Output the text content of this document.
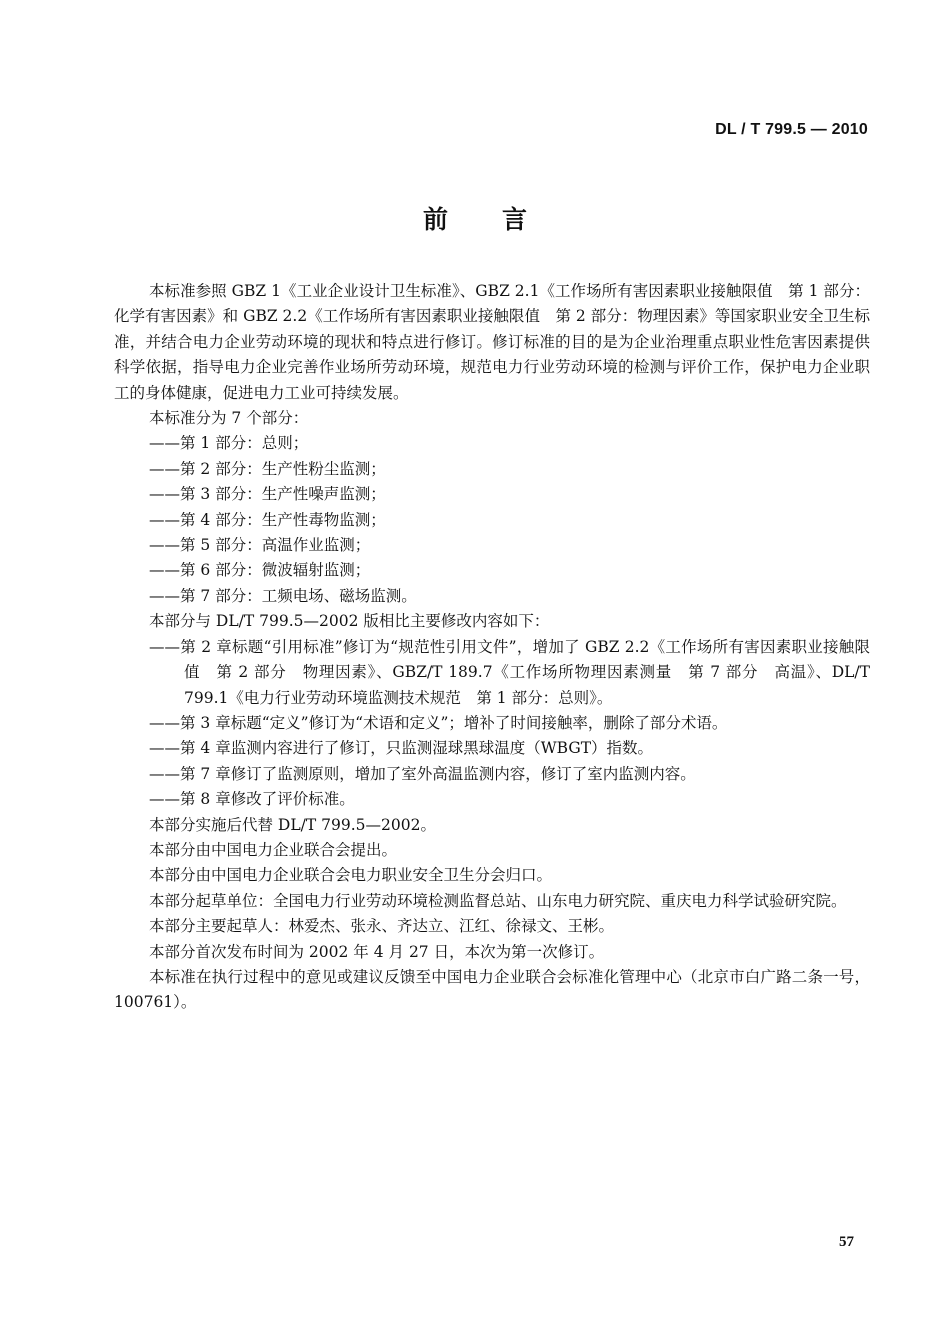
DL / T 799.5 — 2010
前言

本标准参照 GBZ 1《工业企业设计卫生标准》、GBZ 2.1《工作场所有害因素职业接触限值　第 1 部分：化学有害因素》和 GBZ 2.2《工作场所有害因素职业接触限值　第 2 部分：物理因素》等国家职业安全卫生标准，并结合电力企业劳动环境的现状和特点进行修订。修订标准的目的是为企业治理重点职业性危害因素提供科学依据，指导电力企业完善作业场所劳动环境，规范电力行业劳动环境的检测与评价工作，保护电力企业职工的身体健康，促进电力工业可持续发展。

本标准分为 7 个部分：

——第 1 部分：总则；

——第 2 部分：生产性粉尘监测；

——第 3 部分：生产性噪声监测；

——第 4 部分：生产性毒物监测；

——第 5 部分：高温作业监测；

——第 6 部分：微波辐射监测；

——第 7 部分：工频电场、磁场监测。

本部分与 DL/T 799.5—2002 版相比主要修改内容如下：

——第 2 章标题“引用标准”修订为“规范性引用文件”，增加了 GBZ 2.2《工作场所有害因素职业接触限值　第 2 部分　物理因素》、GBZ/T 189.7《工作场所物理因素测量　第 7 部分　高温》、DL/T 799.1《电力行业劳动环境监测技术规范　第 1 部分：总则》。

——第 3 章标题“定义”修订为“术语和定义”；增补了时间接触率，删除了部分术语。

——第 4 章监测内容进行了修订，只监测湿球黑球温度（WBGT）指数。

——第 7 章修订了监测原则，增加了室外高温监测内容，修订了室内监测内容。

——第 8 章修改了评价标准。

本部分实施后代替 DL/T 799.5—2002。

本部分由中国电力企业联合会提出。

本部分由中国电力企业联合会电力职业安全卫生分会归口。

本部分起草单位：全国电力行业劳动环境检测监督总站、山东电力研究院、重庆电力科学试验研究院。

本部分主要起草人：林爱杰、张永、齐达立、江红、徐禄文、王彬。

本部分首次发布时间为 2002 年 4 月 27 日，本次为第一次修订。

本标准在执行过程中的意见或建议反馈至中国电力企业联合会标准化管理中心（北京市白广路二条一号，100761）。

57
